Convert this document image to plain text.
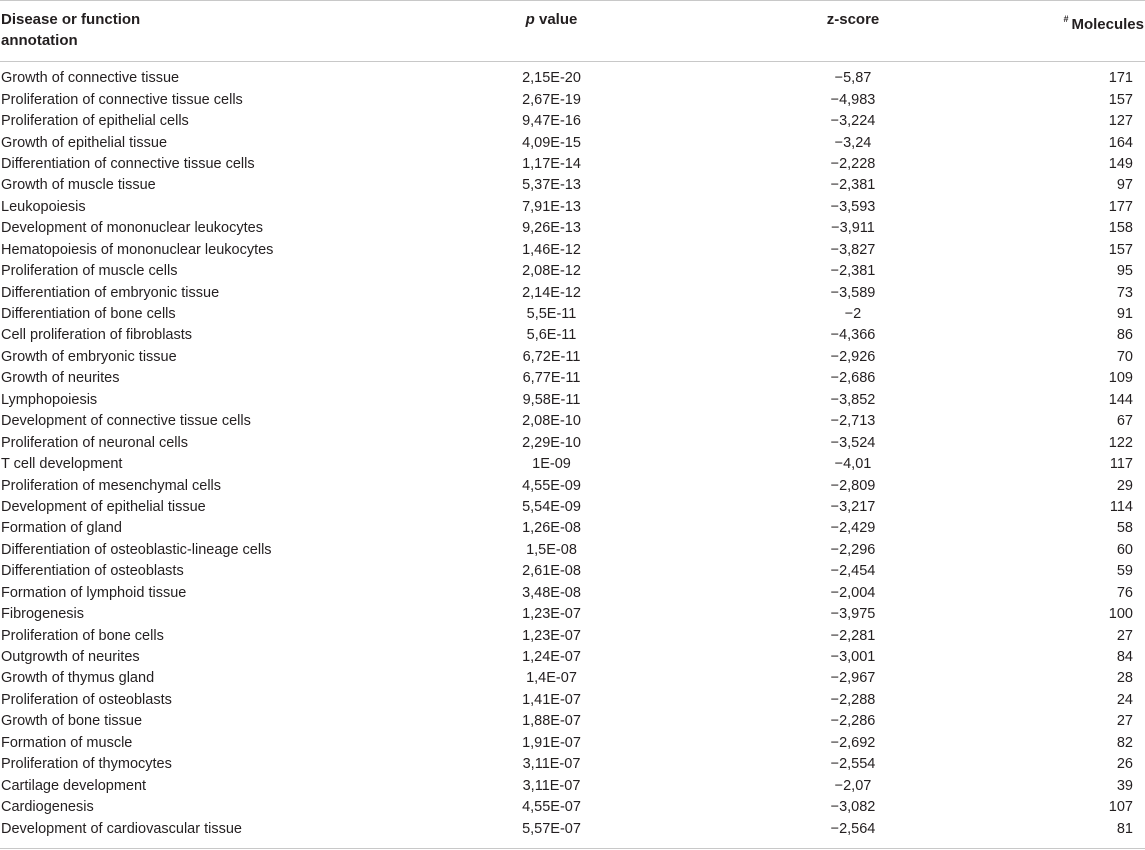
Disease or function
annotation	p value	z-score	# Molecules
Growth of connective tissue	2,15E-20	−5,87	171
Proliferation of connective tissue cells	2,67E-19	−4,983	157
Proliferation of epithelial cells	9,47E-16	−3,224	127
Growth of epithelial tissue	4,09E-15	−3,24	164
Differentiation of connective tissue cells	1,17E-14	−2,228	149
Growth of muscle tissue	5,37E-13	−2,381	97
Leukopoiesis	7,91E-13	−3,593	177
Development of mononuclear leukocytes	9,26E-13	−3,911	158
Hematopoiesis of mononuclear leukocytes	1,46E-12	−3,827	157
Proliferation of muscle cells	2,08E-12	−2,381	95
Differentiation of embryonic tissue	2,14E-12	−3,589	73
Differentiation of bone cells	5,5E-11	−2	91
Cell proliferation of fibroblasts	5,6E-11	−4,366	86
Growth of embryonic tissue	6,72E-11	−2,926	70
Growth of neurites	6,77E-11	−2,686	109
Lymphopoiesis	9,58E-11	−3,852	144
Development of connective tissue cells	2,08E-10	−2,713	67
Proliferation of neuronal cells	2,29E-10	−3,524	122
T cell development	1E-09	−4,01	117
Proliferation of mesenchymal cells	4,55E-09	−2,809	29
Development of epithelial tissue	5,54E-09	−3,217	114
Formation of gland	1,26E-08	−2,429	58
Differentiation of osteoblastic-lineage cells	1,5E-08	−2,296	60
Differentiation of osteoblasts	2,61E-08	−2,454	59
Formation of lymphoid tissue	3,48E-08	−2,004	76
Fibrogenesis	1,23E-07	−3,975	100
Proliferation of bone cells	1,23E-07	−2,281	27
Outgrowth of neurites	1,24E-07	−3,001	84
Growth of thymus gland	1,4E-07	−2,967	28
Proliferation of osteoblasts	1,41E-07	−2,288	24
Growth of bone tissue	1,88E-07	−2,286	27
Formation of muscle	1,91E-07	−2,692	82
Proliferation of thymocytes	3,11E-07	−2,554	26
Cartilage development	3,11E-07	−2,07	39
Cardiogenesis	4,55E-07	−3,082	107
Development of cardiovascular tissue	5,57E-07	−2,564	81
